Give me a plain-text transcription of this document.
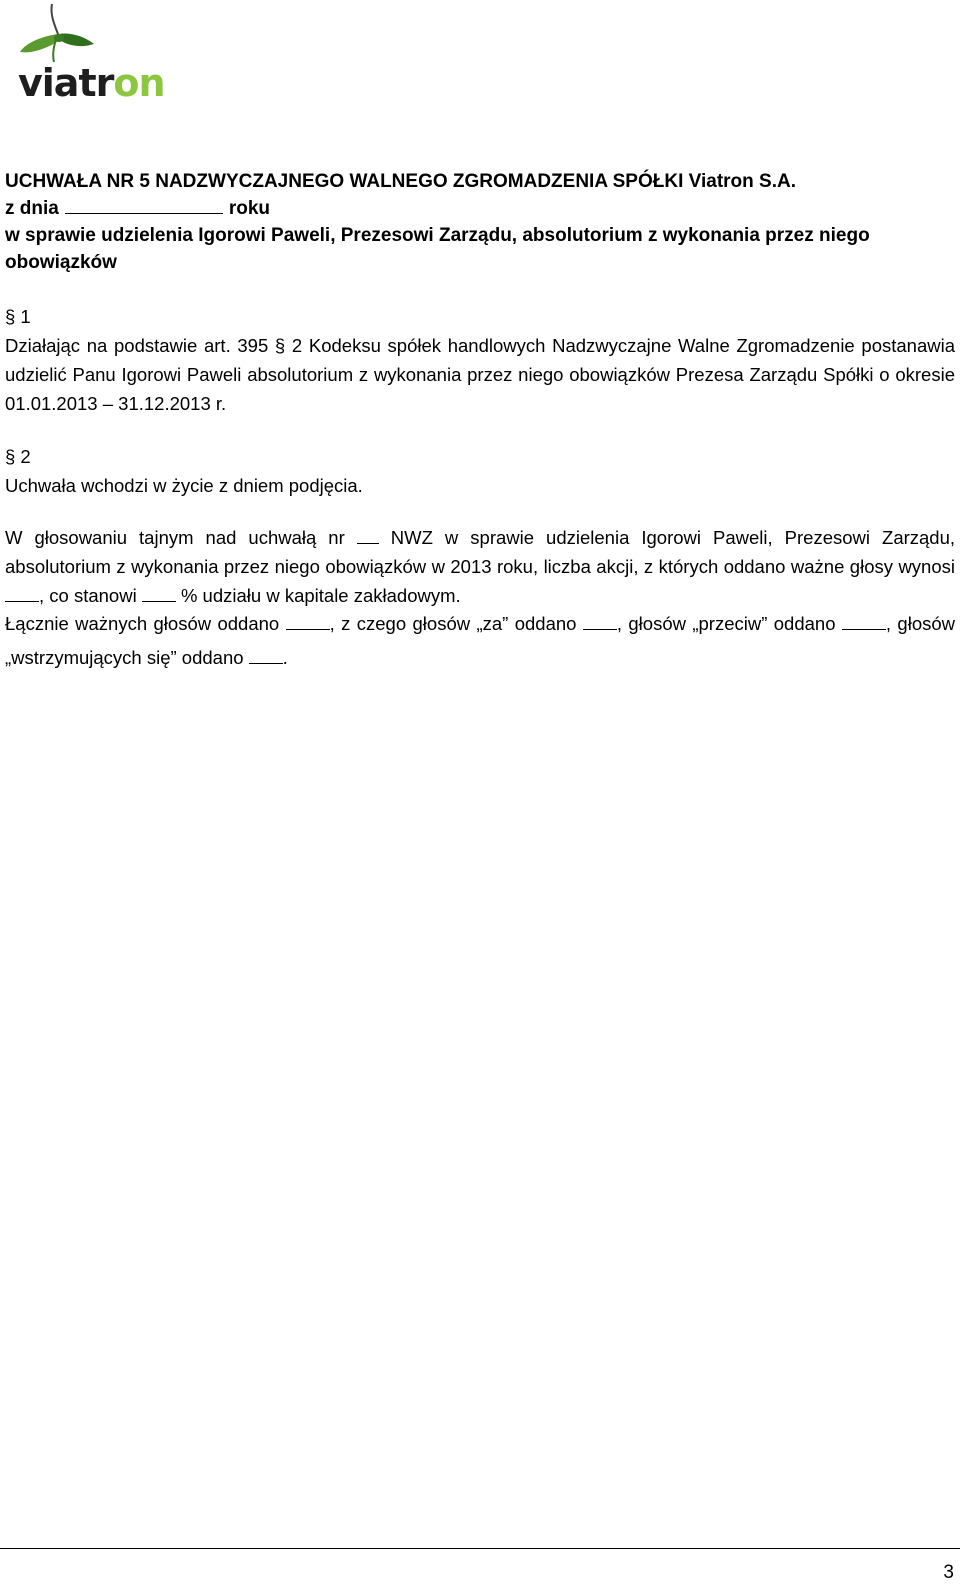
viatron
UCHWAŁA NR 5 NADZWYCZAJNEGO WALNEGO ZGROMADZENIA SPÓŁKI Viatron S.A.
z dnia	roku
w sprawie udzielenia Igorowi Paweli, Prezesowi Zarządu, absolutorium z wykonania przez niego
obowiązków
§ 1
Działając na podstawie art. 395 § 2 Kodeksu spółek handlowych Nadzwyczajne Walne Zgromadzenie postanawia udzielić Panu Igorowi Paweli absolutorium z wykonania przez niego obowiązków Prezesa Zarządu Spółki o okresie 01.01.2013 – 31.12.2013 r.
§ 2
Uchwała wchodzi w życie z dniem podjęcia.
W głosowaniu tajnym nad uchwałą nr NWZ w sprawie udzielenia Igorowi Paweli, Prezesowi Zarządu, absolutorium z wykonania przez niego obowiązków w 2013 roku, liczba akcji, z których oddano ważne głosy wynosi , co stanowi % udziału w kapitale zakładowym.
Łącznie ważnych głosów oddano	, z czego głosów „za” oddano , głosów „przeciw” oddano	, głosów „wstrzymujących się” oddano .
3
